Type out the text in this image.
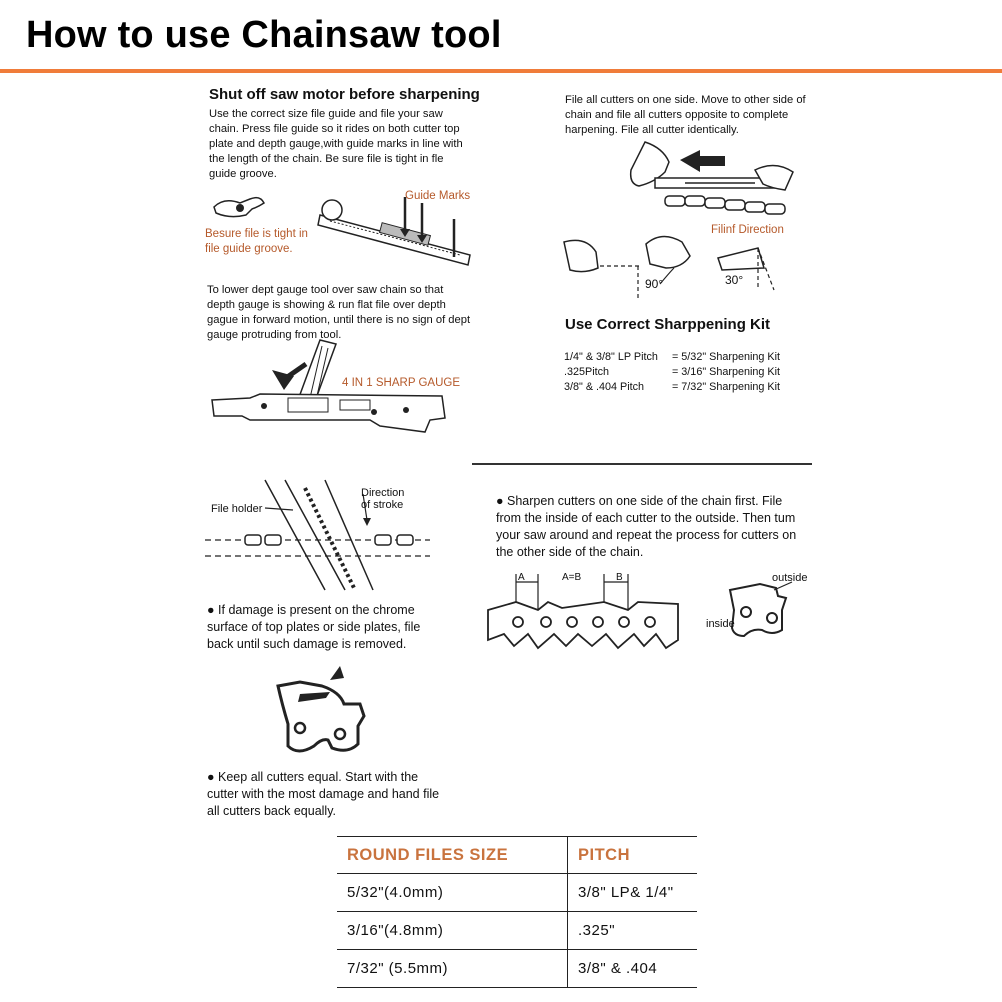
How to use Chainsaw tool
Shut off saw motor before sharpening
Use the correct size file guide and file your saw
chain. Press file guide so it rides on both cutter top
plate and depth gauge,with guide marks in line with
the length of the chain. Be sure file is tight in fle
guide groove.
Guide Marks
Besure file is tight in
file guide groove.
To lower dept gauge tool over saw chain so that
depth gauge is showing & run flat file over depth
gague in forward motion, until there is no sign of dept
gauge protruding from tool.
4 IN 1 SHARP GAUGE
File all cutters on one side. Move to other side of
chain and file all cutters opposite to complete
harpening. File all cutter identically.
Filinf Direction
90°	30°
Use Correct Sharppening Kit
1/4" & 3/8" LP Pitch	= 5/32" Sharpening Kit
.325Pitch	= 3/16" Sharpening Kit
3/8" & .404 Pitch	= 7/32" Sharpening Kit
File holder
Direction
of stroke
● If damage is present on the chrome
surface of top plates or side plates, file
back until such damage is removed.
● Keep all cutters equal. Start with the
cutter with the most damage and hand file
all cutters back equally.
● Sharpen cutters on one side of the chain first. File
from the inside of each cutter to the outside. Then tum
your saw around and repeat the process for cutters on
the other side of the chain.
A	A=B	B	outside
inside
ROUND FILES SIZE	PITCH
5/32"(4.0mm)	3/8" LP& 1/4"
3/16"(4.8mm)	.325"
7/32" (5.5mm)	3/8" & .404
